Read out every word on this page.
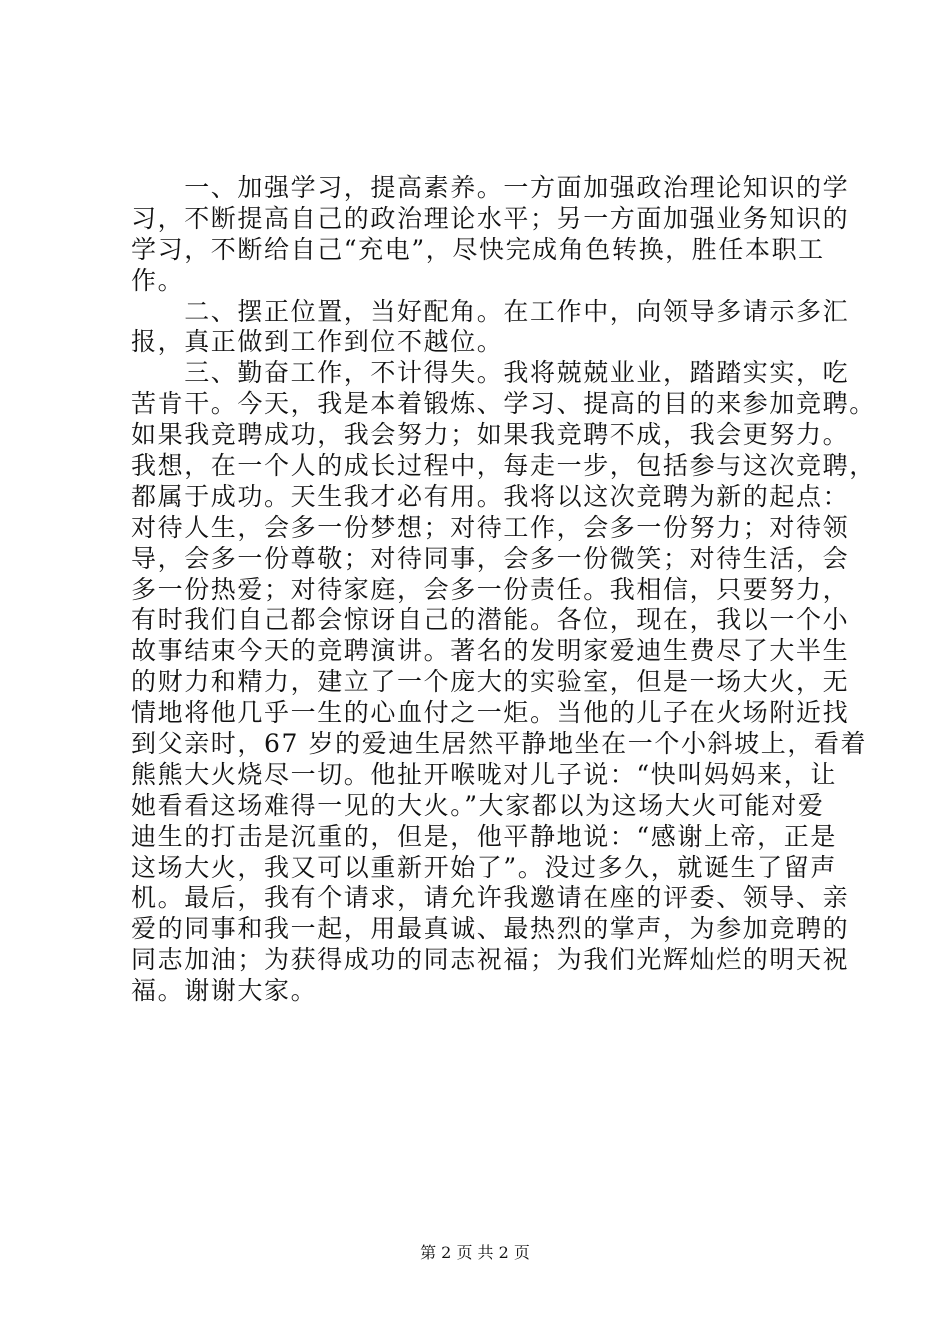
　　一、加强学习，提高素养。一方面加强政治理论知识的学
习，不断提高自己的政治理论水平；另一方面加强业务知识的
学习，不断给自己“充电”，尽快完成角色转换，胜任本职工
作。
　　二、摆正位置，当好配角。在工作中，向领导多请示多汇
报，真正做到工作到位不越位。
　　三、勤奋工作，不计得失。我将兢兢业业，踏踏实实，吃
苦肯干。今天，我是本着锻炼、学习、提高的目的来参加竞聘。
如果我竞聘成功，我会努力；如果我竞聘不成，我会更努力。
我想，在一个人的成长过程中，每走一步，包括参与这次竞聘，
都属于成功。天生我才必有用。我将以这次竞聘为新的起点：
对待人生，会多一份梦想；对待工作，会多一份努力；对待领
导，会多一份尊敬；对待同事，会多一份微笑；对待生活，会
多一份热爱；对待家庭，会多一份责任。我相信，只要努力，
有时我们自己都会惊讶自己的潜能。各位，现在，我以一个小
故事结束今天的竞聘演讲。著名的发明家爱迪生费尽了大半生
的财力和精力，建立了一个庞大的实验室，但是一场大火，无
情地将他几乎一生的心血付之一炬。当他的儿子在火场附近找
到父亲时，67 岁的爱迪生居然平静地坐在一个小斜坡上，看着
熊熊大火烧尽一切。他扯开喉咙对儿子说：“快叫妈妈来，让
她看看这场难得一见的大火。”大家都以为这场大火可能对爱
迪生的打击是沉重的，但是，他平静地说：“感谢上帝，正是
这场大火，我又可以重新开始了”。没过多久，就诞生了留声
机。最后，我有个请求，请允许我邀请在座的评委、领导、亲
爱的同事和我一起，用最真诚、最热烈的掌声，为参加竞聘的
同志加油；为获得成功的同志祝福；为我们光辉灿烂的明天祝
福。谢谢大家。
第 2 页 共 2 页
